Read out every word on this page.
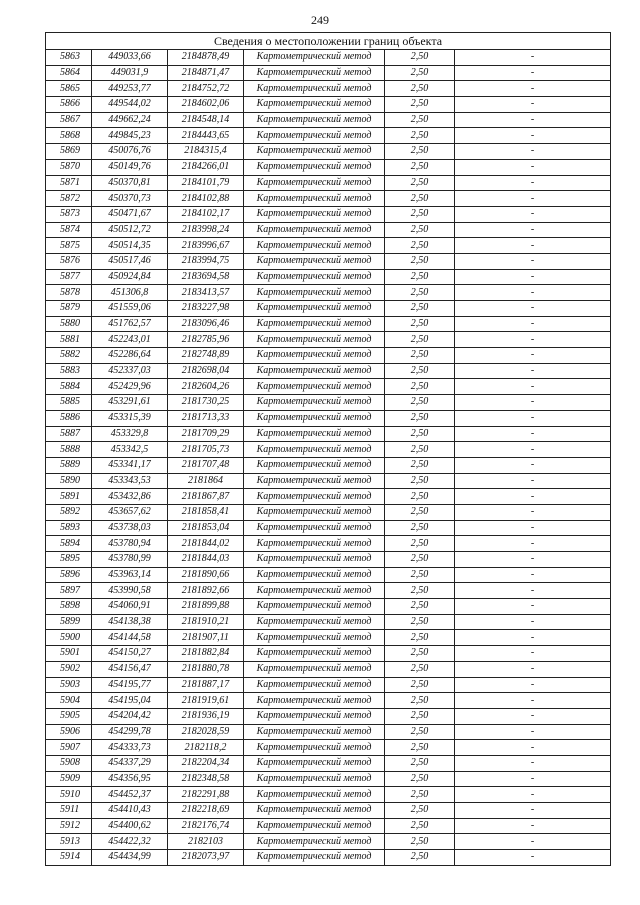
249
Сведения о местоположении границ объекта					
5863	449033,66	2184878,49	Картометрический метод	2,50	-
5864	449031,9	2184871,47	Картометрический метод	2,50	-
5865	449253,77	2184752,72	Картометрический метод	2,50	-
5866	449544,02	2184602,06	Картометрический метод	2,50	-
5867	449662,24	2184548,14	Картометрический метод	2,50	-
5868	449845,23	2184443,65	Картометрический метод	2,50	-
5869	450076,76	2184315,4	Картометрический метод	2,50	-
5870	450149,76	2184266,01	Картометрический метод	2,50	-
5871	450370,81	2184101,79	Картометрический метод	2,50	-
5872	450370,73	2184102,88	Картометрический метод	2,50	-
5873	450471,67	2184102,17	Картометрический метод	2,50	-
5874	450512,72	2183998,24	Картометрический метод	2,50	-
5875	450514,35	2183996,67	Картометрический метод	2,50	-
5876	450517,46	2183994,75	Картометрический метод	2,50	-
5877	450924,84	2183694,58	Картометрический метод	2,50	-
5878	451306,8	2183413,57	Картометрический метод	2,50	-
5879	451559,06	2183227,98	Картометрический метод	2,50	-
5880	451762,57	2183096,46	Картометрический метод	2,50	-
5881	452243,01	2182785,96	Картометрический метод	2,50	-
5882	452286,64	2182748,89	Картометрический метод	2,50	-
5883	452337,03	2182698,04	Картометрический метод	2,50	-
5884	452429,96	2182604,26	Картометрический метод	2,50	-
5885	453291,61	2181730,25	Картометрический метод	2,50	-
5886	453315,39	2181713,33	Картометрический метод	2,50	-
5887	453329,8	2181709,29	Картометрический метод	2,50	-
5888	453342,5	2181705,73	Картометрический метод	2,50	-
5889	453341,17	2181707,48	Картометрический метод	2,50	-
5890	453343,53	2181864	Картометрический метод	2,50	-
5891	453432,86	2181867,87	Картометрический метод	2,50	-
5892	453657,62	2181858,41	Картометрический метод	2,50	-
5893	453738,03	2181853,04	Картометрический метод	2,50	-
5894	453780,94	2181844,02	Картометрический метод	2,50	-
5895	453780,99	2181844,03	Картометрический метод	2,50	-
5896	453963,14	2181890,66	Картометрический метод	2,50	-
5897	453990,58	2181892,66	Картометрический метод	2,50	-
5898	454060,91	2181899,88	Картометрический метод	2,50	-
5899	454138,38	2181910,21	Картометрический метод	2,50	-
5900	454144,58	2181907,11	Картометрический метод	2,50	-
5901	454150,27	2181882,84	Картометрический метод	2,50	-
5902	454156,47	2181880,78	Картометрический метод	2,50	-
5903	454195,77	2181887,17	Картометрический метод	2,50	-
5904	454195,04	2181919,61	Картометрический метод	2,50	-
5905	454204,42	2181936,19	Картометрический метод	2,50	-
5906	454299,78	2182028,59	Картометрический метод	2,50	-
5907	454333,73	2182118,2	Картометрический метод	2,50	-
5908	454337,29	2182204,34	Картометрический метод	2,50	-
5909	454356,95	2182348,58	Картометрический метод	2,50	-
5910	454452,37	2182291,88	Картометрический метод	2,50	-
5911	454410,43	2182218,69	Картометрический метод	2,50	-
5912	454400,62	2182176,74	Картометрический метод	2,50	-
5913	454422,32	2182103	Картометрический метод	2,50	-
5914	454434,99	2182073,97	Картометрический метод	2,50	-
